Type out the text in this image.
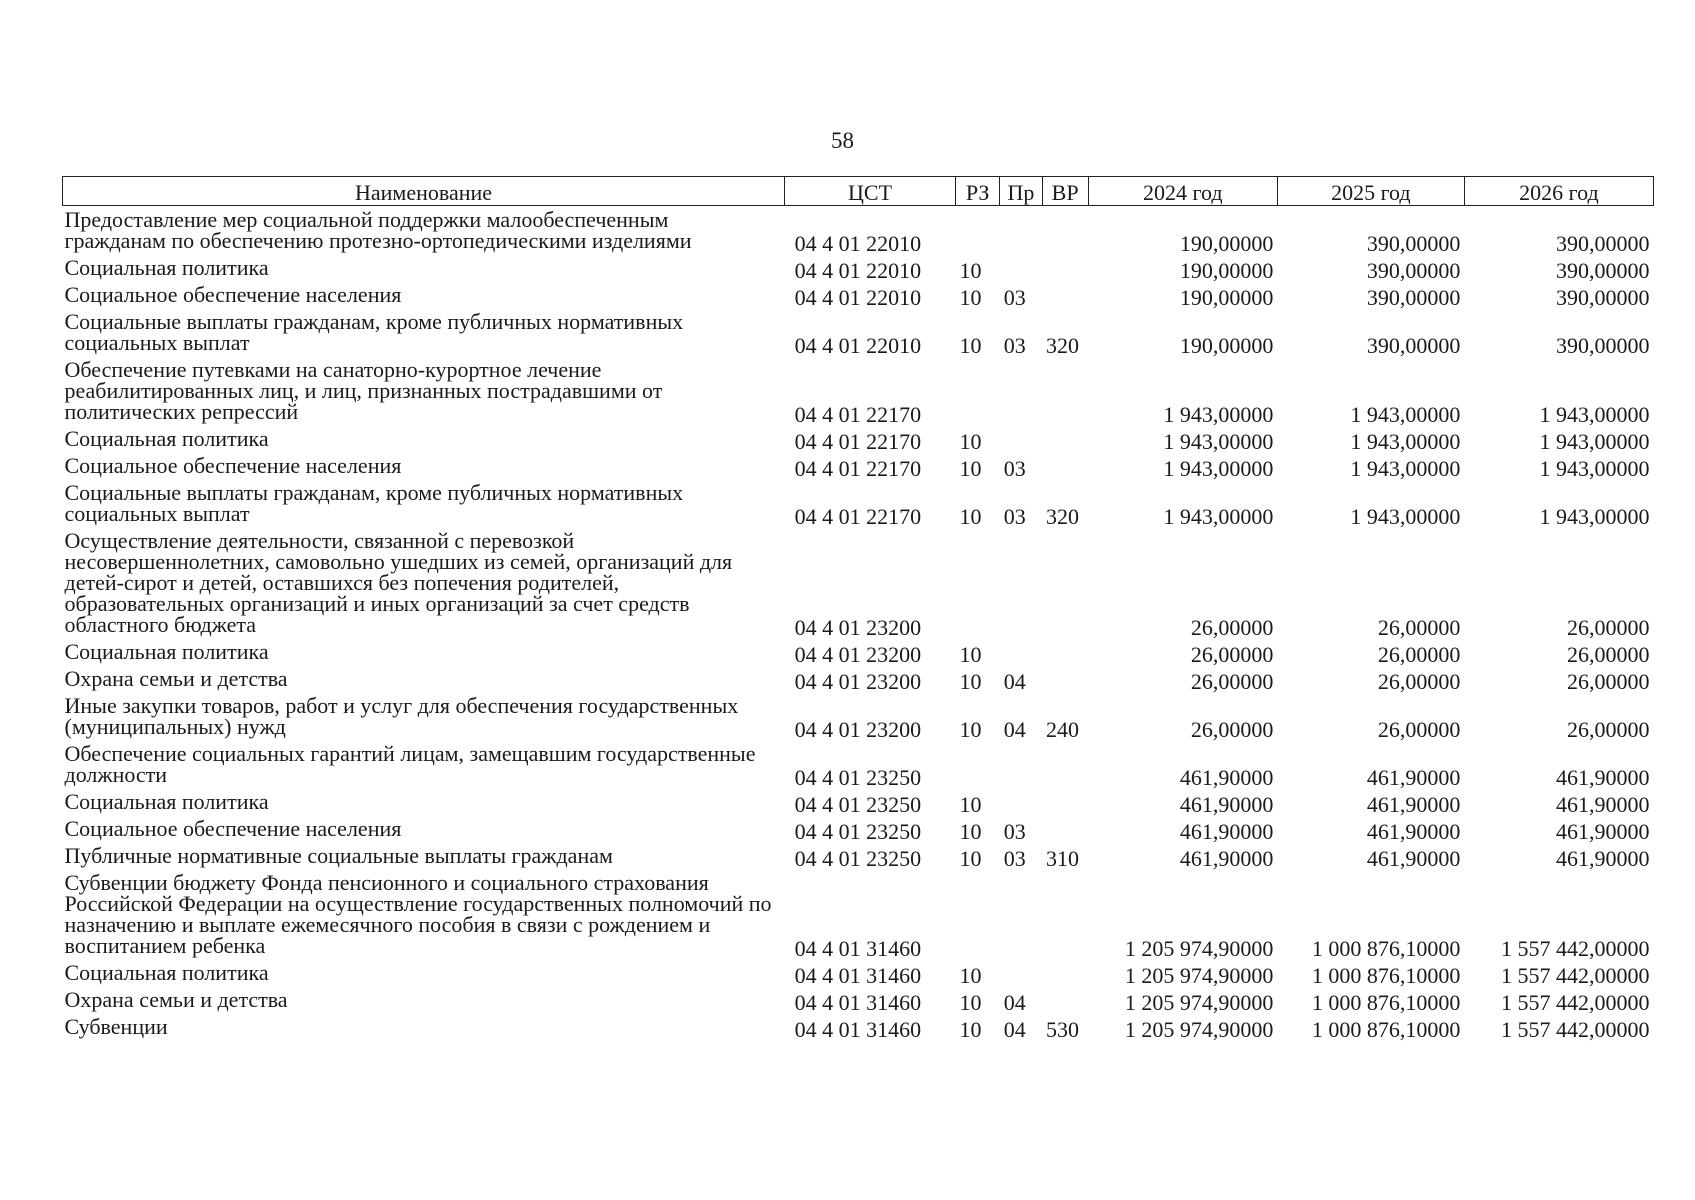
58
Наименование	ЦСТ	РЗ	Пр	ВР	2024 год	2025 год	2026 год
Предоставление мер социальной поддержки малообеспеченным гражданам по обеспечению протезно-ортопедическими изделиями	04 4 01 22010				190,00000	390,00000	390,00000
Социальная политика	04 4 01 22010	10			190,00000	390,00000	390,00000
Социальное обеспечение населения	04 4 01 22010	10	03		190,00000	390,00000	390,00000
Социальные выплаты гражданам, кроме публичных нормативных социальных выплат	04 4 01 22010	10	03	320	190,00000	390,00000	390,00000
Обеспечение путевками на санаторно-курортное лечение реабилитированных лиц, и лиц, признанных пострадавшими от политических репрессий	04 4 01 22170				1 943,00000	1 943,00000	1 943,00000
Социальная политика	04 4 01 22170	10			1 943,00000	1 943,00000	1 943,00000
Социальное обеспечение населения	04 4 01 22170	10	03		1 943,00000	1 943,00000	1 943,00000
Социальные выплаты гражданам, кроме публичных нормативных социальных выплат	04 4 01 22170	10	03	320	1 943,00000	1 943,00000	1 943,00000
Осуществление деятельности, связанной с перевозкой несовершеннолетних, самовольно ушедших из семей, организаций для детей-сирот и детей, оставшихся без попечения родителей, образовательных организаций и иных организаций за счет средств областного бюджета	04 4 01 23200				26,00000	26,00000	26,00000
Социальная политика	04 4 01 23200	10			26,00000	26,00000	26,00000
Охрана семьи и детства	04 4 01 23200	10	04		26,00000	26,00000	26,00000
Иные закупки товаров, работ и услуг для обеспечения государственных (муниципальных) нужд	04 4 01 23200	10	04	240	26,00000	26,00000	26,00000
Обеспечение социальных гарантий лицам, замещавшим государственные должности	04 4 01 23250				461,90000	461,90000	461,90000
Социальная политика	04 4 01 23250	10			461,90000	461,90000	461,90000
Социальное обеспечение населения	04 4 01 23250	10	03		461,90000	461,90000	461,90000
Публичные нормативные социальные выплаты гражданам	04 4 01 23250	10	03	310	461,90000	461,90000	461,90000
Субвенции бюджету Фонда пенсионного и социального страхования Российской Федерации на осуществление государственных полномочий по назначению и выплате ежемесячного пособия в связи с рождением и воспитанием ребенка	04 4 01 31460				1 205 974,90000	1 000 876,10000	1 557 442,00000
Социальная политика	04 4 01 31460	10			1 205 974,90000	1 000 876,10000	1 557 442,00000
Охрана семьи и детства	04 4 01 31460	10	04		1 205 974,90000	1 000 876,10000	1 557 442,00000
Субвенции	04 4 01 31460	10	04	530	1 205 974,90000	1 000 876,10000	1 557 442,00000
